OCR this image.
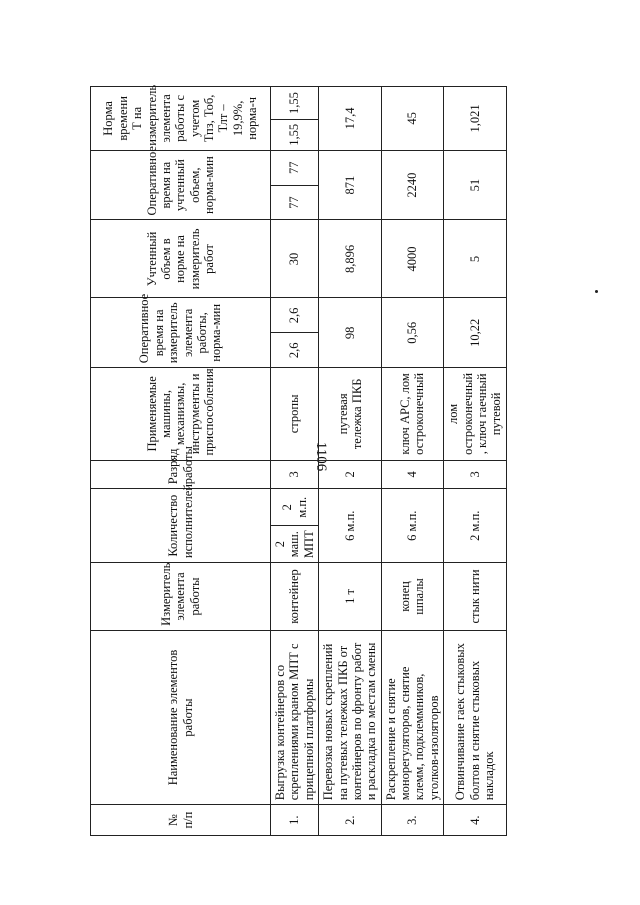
1106
№ п/п	Наименование элементов работы	Измеритель элемента работы	Количество исполнителей		Разряд работы	Применяемые машины, механизмы, инструменты и приспособления	Оперативное время на измеритель элемента работы, норма-мин		Учтенный объем в норме на измеритель работ	Оперативное время на учтенный объем, норма-мин		Норма времени Т на измеритель элемента работы с учетом Тпз, Тоб, Тлт – 19,9%, норма-ч	
1.	Выгрузка контейнеров со скреплениями краном МПТ с прицепной платформы	контейнер	2 маш. МПТ	2 м.п.	3	стропы	2,6	2,6	30	77	77	1,55	1,55
2.	Перевозка новых скреплений на путевых тележках ПКБ от контейнеров по фронту работ и раскладка по местам смены	1 т	6 м.п.		2	путевая тележка ПКБ	98		8,896	871		17,4	
3.	Раскрепление и снятие монорегуляторов, снятие клемм, подклеммников, уголков-изоляторов	конец шпалы	6 м.п.		4	ключ АРС, лом остроконечный	0,56		4000	2240		45	
4.	Отвинчивание гаек стыковых болтов и снятие стыковых накладок	стык нити	2 м.п.		3	лом остроконечный , ключ гаечный путевой	10,22		5	51		1,021	
